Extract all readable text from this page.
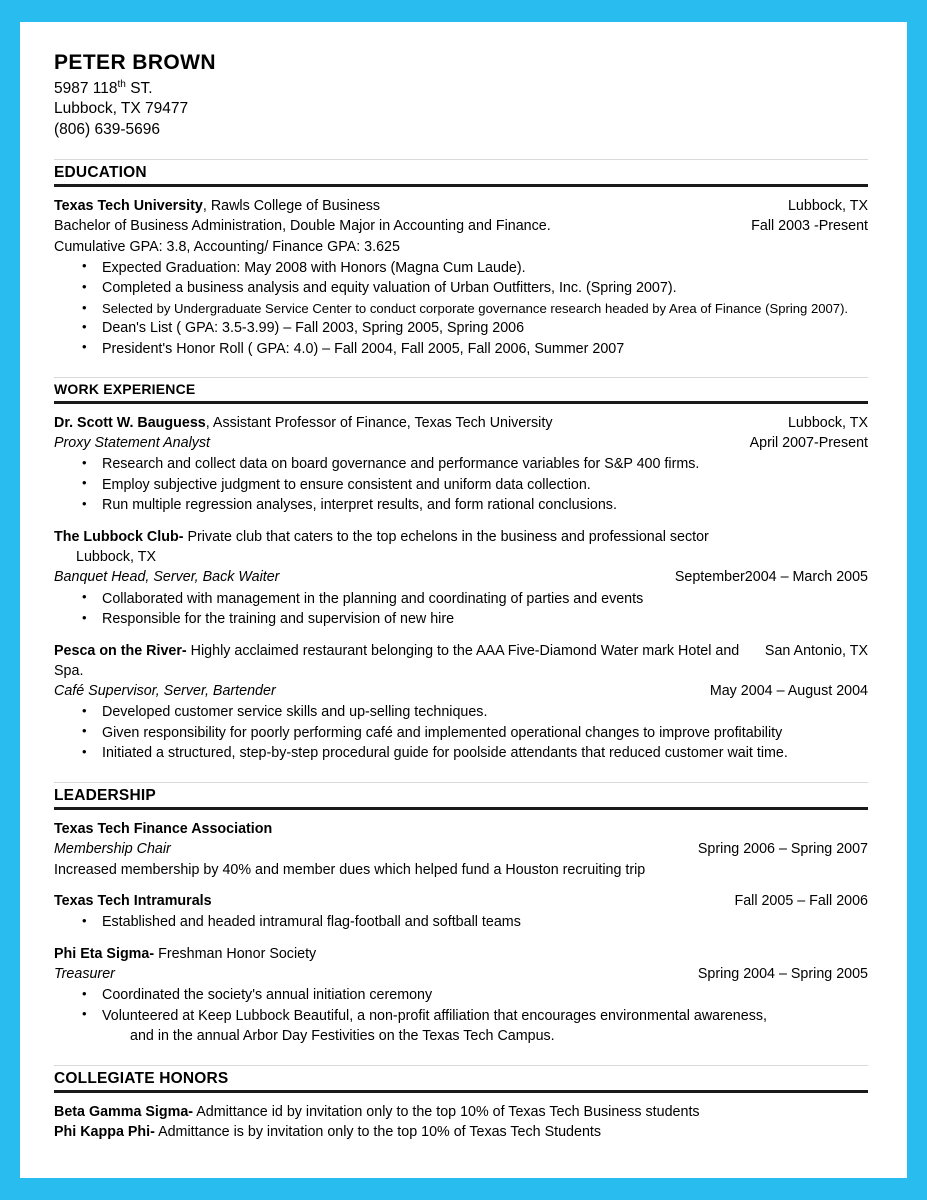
PETER BROWN
5987 118th ST.
Lubbock, TX 79477
(806) 639-5696
EDUCATION
Texas Tech University, Rawls College of Business	Lubbock, TX
Bachelor of Business Administration, Double Major in Accounting and Finance.	Fall 2003 -Present
Cumulative GPA: 3.8, Accounting/ Finance GPA: 3.625
• Expected Graduation: May 2008 with Honors (Magna Cum Laude).
• Completed a business analysis and equity valuation of Urban Outfitters, Inc. (Spring 2007).
• Selected by Undergraduate Service Center to conduct corporate governance research headed by Area of Finance (Spring 2007).
• Dean's List ( GPA: 3.5-3.99) – Fall 2003, Spring 2005, Spring 2006
• President's Honor Roll ( GPA: 4.0) – Fall 2004, Fall 2005, Fall 2006, Summer 2007
WORK EXPERIENCE
Dr. Scott W. Bauguess, Assistant Professor of Finance, Texas Tech University	Lubbock, TX
Proxy Statement Analyst	April 2007-Present
• Research and collect data on board governance and performance variables for S&P 400 firms.
• Employ subjective judgment to ensure consistent and uniform data collection.
• Run multiple regression analyses, interpret results, and form rational conclusions.
The Lubbock Club- Private club that caters to the top echelons in the business and professional sector
Lubbock, TX
Banquet Head, Server, Back Waiter	September2004 – March 2005
• Collaborated with management in the planning and coordinating of parties and events
• Responsible for the training and supervision of new hire
Pesca on the River- Highly acclaimed restaurant belonging to the AAA Five-Diamond Water mark Hotel and Spa.
San Antonio, TX
Café Supervisor, Server, Bartender	May 2004 – August 2004
• Developed customer service skills and up-selling techniques.
• Given responsibility for poorly performing café and implemented operational changes to improve profitability
• Initiated a structured, step-by-step procedural guide for poolside attendants that reduced customer wait time.
LEADERSHIP
Texas Tech Finance Association
Membership Chair	Spring 2006 – Spring 2007
Increased membership by 40% and member dues which helped fund a Houston recruiting trip
Texas Tech Intramurals	Fall 2005 – Fall 2006
• Established and headed intramural flag-football and softball teams
Phi Eta Sigma- Freshman Honor Society
Treasurer	Spring 2004 – Spring 2005
• Coordinated the society's annual initiation ceremony
• Volunteered at Keep Lubbock Beautiful, a non-profit affiliation that encourages environmental awareness,
and in the annual Arbor Day Festivities on the Texas Tech Campus.
COLLEGIATE HONORS
Beta Gamma Sigma- Admittance id by invitation only to the top 10% of Texas Tech Business students
Phi Kappa Phi- Admittance is by invitation only to the top 10% of Texas Tech Students
